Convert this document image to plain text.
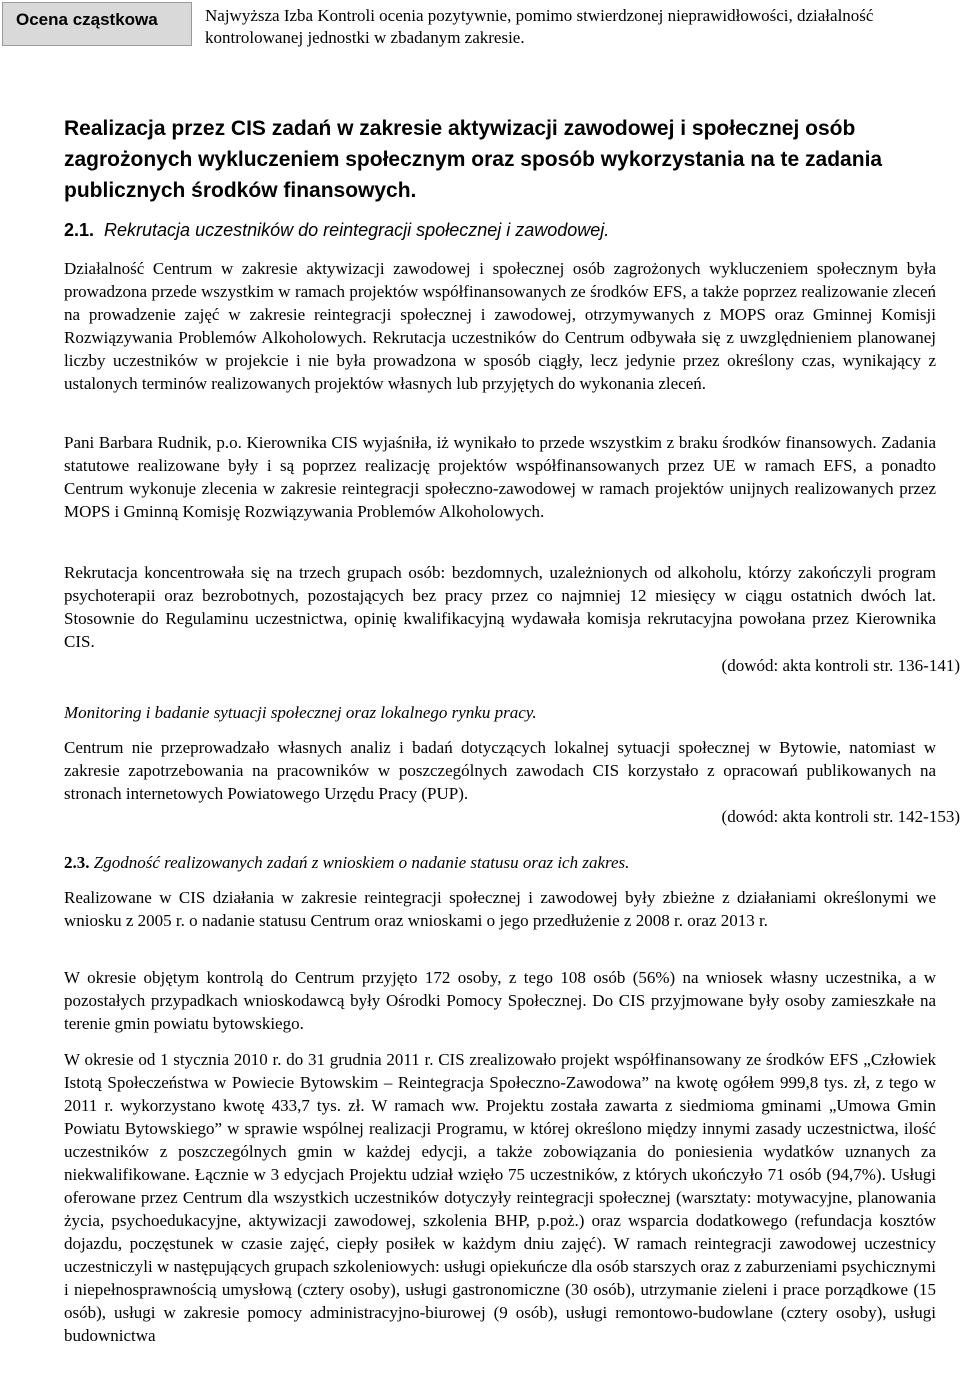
Ocena cząstkowa	Najwyższa Izba Kontroli ocenia pozytywnie, pomimo stwierdzonej nieprawidłowości, działalność kontrolowanej jednostki w zbadanym zakresie.
Realizacja przez CIS zadań w zakresie aktywizacji zawodowej i społecznej osób zagrożonych wykluczeniem społecznym oraz sposób wykorzystania na te zadania publicznych środków finansowych.
2.1. Rekrutacja uczestników do reintegracji społecznej i zawodowej.

Działalność Centrum w zakresie aktywizacji zawodowej i społecznej osób zagrożonych wykluczeniem społecznym była prowadzona przede wszystkim w ramach projektów współfinansowanych ze środków EFS, a także poprzez realizowanie zleceń na prowadzenie zajęć w zakresie reintegracji społecznej i zawodowej, otrzymywanych z MOPS oraz Gminnej Komisji Rozwiązywania Problemów Alkoholowych. Rekrutacja uczestników do Centrum odbywała się z uwzględnieniem planowanej liczby uczestników w projekcie i nie była prowadzona w sposób ciągły, lecz jedynie przez określony czas, wynikający z ustalonych terminów realizowanych projektów własnych lub przyjętych do wykonania zleceń.

Pani Barbara Rudnik, p.o. Kierownika CIS wyjaśniła, iż wynikało to przede wszystkim z braku środków finansowych. Zadania statutowe realizowane były i są poprzez realizację projektów współfinansowanych przez UE w ramach EFS, a ponadto Centrum wykonuje zlecenia w zakresie reintegracji społeczno-zawodowej w ramach projektów unijnych realizowanych przez MOPS i Gminną Komisję Rozwiązywania Problemów Alkoholowych.

Rekrutacja koncentrowała się na trzech grupach osób: bezdomnych, uzależnionych od alkoholu, którzy zakończyli program psychoterapii oraz bezrobotnych, pozostających bez pracy przez co najmniej 12 miesięcy w ciągu ostatnich dwóch lat. Stosownie do Regulaminu uczestnictwa, opinię kwalifikacyjną wydawała komisja rekrutacyjna powołana przez Kierownika CIS.

(dowód: akta kontroli str. 136-141)
Monitoring i badanie sytuacji społecznej oraz lokalnego rynku pracy.

Centrum nie przeprowadzało własnych analiz i badań dotyczących lokalnej sytuacji społecznej w Bytowie, natomiast w zakresie zapotrzebowania na pracowników w poszczególnych zawodach CIS korzystało z opracowań publikowanych na stronach internetowych Powiatowego Urzędu Pracy (PUP).

(dowód: akta kontroli str. 142-153)
2.3. Zgodność realizowanych zadań z wnioskiem o nadanie statusu oraz ich zakres.

Realizowane w CIS działania w zakresie reintegracji społecznej i zawodowej były zbieżne z działaniami określonymi we wniosku z 2005 r. o nadanie statusu Centrum oraz wnioskami o jego przedłużenie z 2008 r. oraz 2013 r.

W okresie objętym kontrolą do Centrum przyjęto 172 osoby, z tego 108 osób (56%) na wniosek własny uczestnika, a w pozostałych przypadkach wnioskodawcą były Ośrodki Pomocy Społecznej. Do CIS przyjmowane były osoby zamieszkałe na terenie gmin powiatu bytowskiego.

W okresie od 1 stycznia 2010 r. do 31 grudnia 2011 r. CIS zrealizowało projekt współfinansowany ze środków EFS „Człowiek Istotą Społeczeństwa w Powiecie Bytowskim – Reintegracja Społeczno-Zawodowa” na kwotę ogółem 999,8 tys. zł, z tego w 2011 r. wykorzystano kwotę 433,7 tys. zł. W ramach ww. Projektu została zawarta z siedmioma gminami „Umowa Gmin Powiatu Bytowskiego” w sprawie wspólnej realizacji Programu, w której określono między innymi zasady uczestnictwa, ilość uczestników z poszczególnych gmin w każdej edycji, a także zobowiązania do poniesienia wydatków uznanych za niekwalifikowane. Łącznie w 3 edycjach Projektu udział wzięło 75 uczestników, z których ukończyło 71 osób (94,7%). Usługi oferowane przez Centrum dla wszystkich uczestników dotyczyły reintegracji społecznej (warsztaty: motywacyjne, planowania życia, psychoedukacyjne, aktywizacji zawodowej, szkolenia BHP, p.poż.) oraz wsparcia dodatkowego (refundacja kosztów dojazdu, poczęstunek w czasie zajęć, ciepły posiłek w każdym dniu zajęć). W ramach reintegracji zawodowej uczestnicy uczestniczyli w następujących grupach szkoleniowych: usługi opiekuńcze dla osób starszych oraz z zaburzeniami psychicznymi i niepełnosprawnością umysłową (cztery osoby), usługi gastronomiczne (30 osób), utrzymanie zieleni i prace porządkowe (15 osób), usługi w zakresie pomocy administracyjno-biurowej (9 osób), usługi remontowo-budowlane (cztery osoby), usługi budownictwa
